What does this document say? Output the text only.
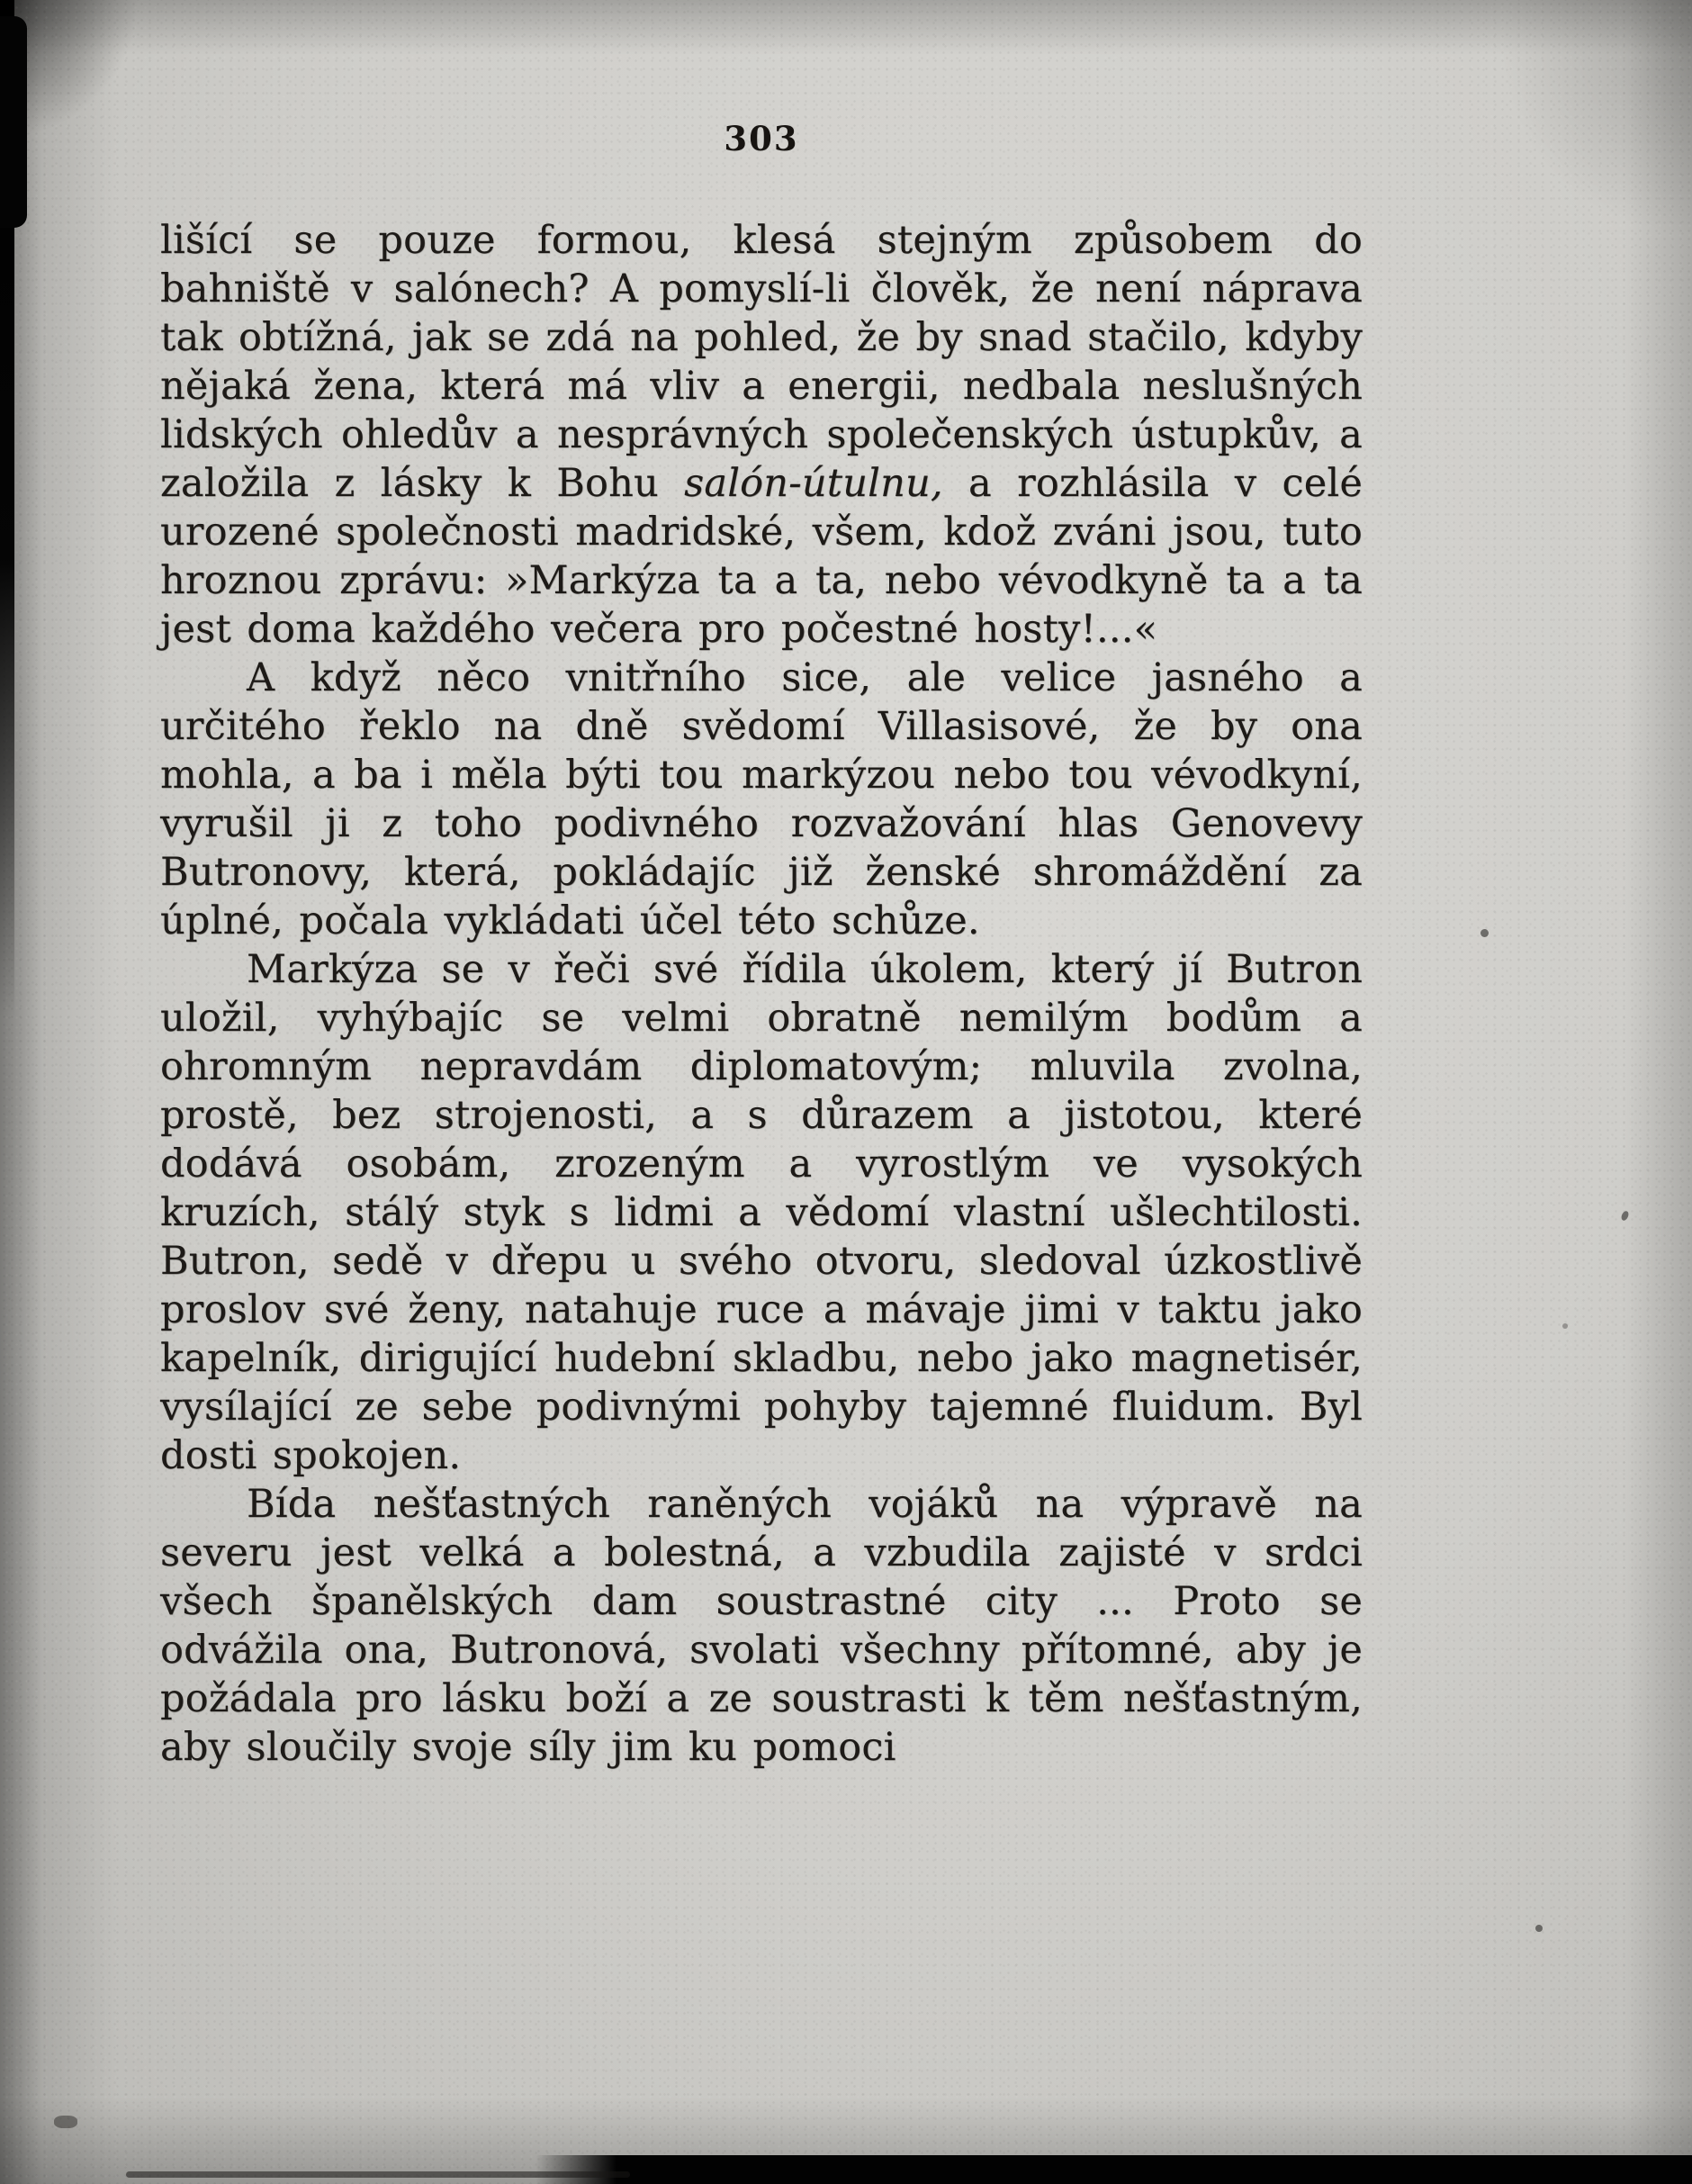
303

lišící se pouze formou, klesá stejným způsobem do bahniště v salónech? A pomyslí-li člověk, že není náprava tak obtížná, jak se zdá na pohled, že by snad stačilo, kdyby nějaká žena, která má vliv a energii, nedbala neslušných lidských ohledův a nesprávných společenských ústupkův, a založila z lásky k Bohu salón-útulnu, a rozhlásila v celé urozené společnosti madridské, všem, kdož zváni jsou, tuto hroznou zprávu: »Markýza ta a ta, nebo vévodkyně ta a ta jest doma každého večera pro počestné hosty!...«

A když něco vnitřního sice, ale velice jasného a určitého řeklo na dně svědomí Villasisové, že by ona mohla, a ba i měla býti tou markýzou nebo tou vévodkyní, vyrušil ji z toho podivného rozvažování hlas Genovevy Butronovy, která, pokládajíc již ženské shromáždění za úplné, počala vykládati účel této schůze.

Markýza se v řeči své řídila úkolem, který jí Butron uložil, vyhýbajíc se velmi obratně nemilým bodům a ohromným nepravdám diplomatovým; mluvila zvolna, prostě, bez strojenosti, a s důrazem a jistotou, které dodává osobám, zrozeným a vyrostlým ve vysokých kruzích, stálý styk s lidmi a vědomí vlastní ušlechtilosti. Butron, sedě v dřepu u svého otvoru, sledoval úzkostlivě proslov své ženy, natahuje ruce a mávaje jimi v taktu jako kapelník, dirigující hudební skladbu, nebo jako magnetisér, vysílající ze sebe podivnými pohyby tajemné fluidum. Byl dosti spokojen.

Bída nešťastných raněných vojáků na výpravě na severu jest velká a bolestná, a vzbudila zajisté v srdci všech španělských dam soustrastné city ... Proto se odvážila ona, Butronová, svolati všechny přítomné, aby je požádala pro lásku boží a ze soustrasti k těm nešťastným, aby sloučily svoje síly jim ku pomoci
